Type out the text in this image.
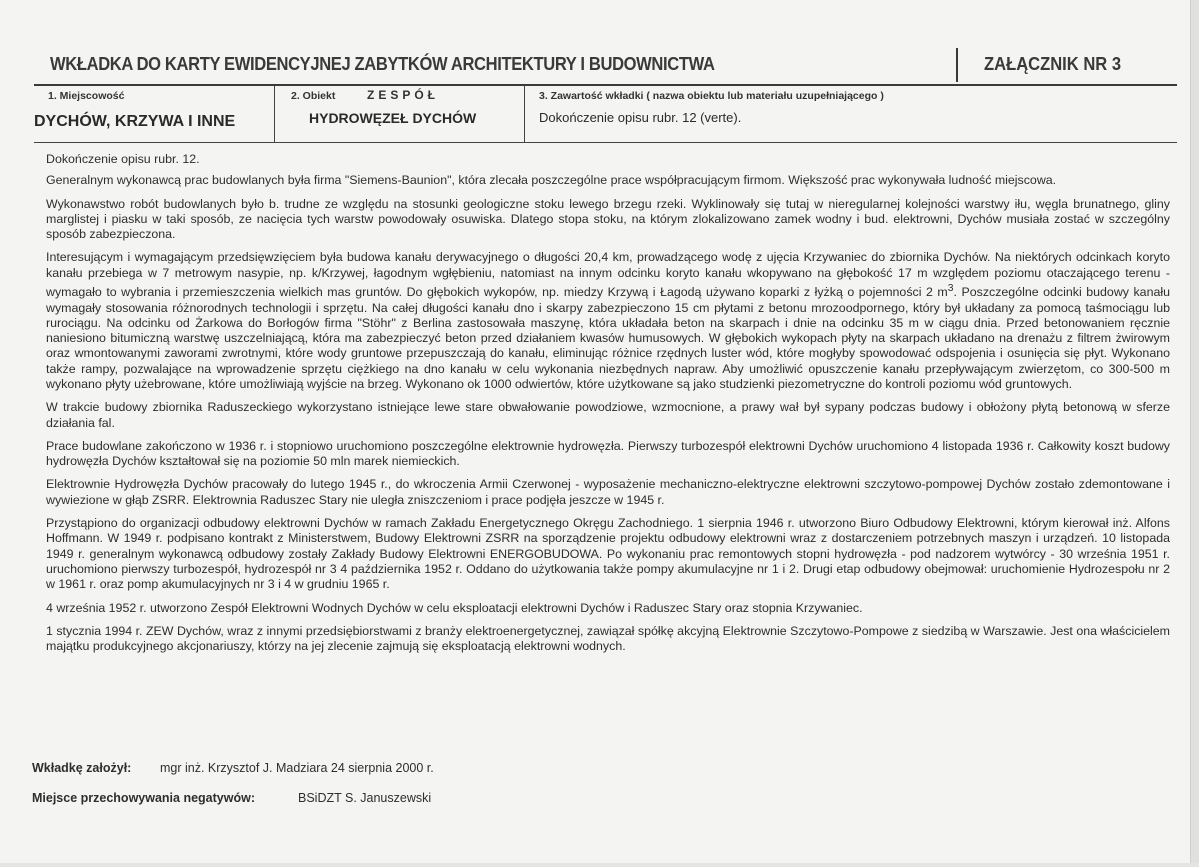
WKŁADKA DO KARTY EWIDENCYJNEJ ZABYTKÓW ARCHITEKTURY I BUDOWNICTWA	ZAŁĄCZNIK NR 3
1. Miejscowość
DYCHÓW, KRZYWA I INNE
2. Obiekt	ZESPÓŁ
HYDROWĘZEŁ DYCHÓW
3. Zawartość wkładki ( nazwa obiektu lub materiału uzupełniającego )
Dokończenie opisu rubr. 12 (verte).

Dokończenie opisu rubr. 12.

Generalnym wykonawcą prac budowlanych była firma "Siemens-Baunion", która zlecała poszczególne prace współpracującym firmom. Większość prac wykonywała ludność miejscowa.

Wykonawstwo robót budowlanych było b. trudne ze względu na stosunki geologiczne stoku lewego brzegu rzeki. Wyklinowały się tutaj w nieregularnej kolejności warstwy iłu, węgla brunatnego, gliny marglistej i piasku w taki sposób, ze nacięcia tych warstw powodowały osuwiska. Dlatego stopa stoku, na którym zlokalizowano zamek wodny i bud. elektrowni, Dychów musiała zostać w szczególny sposób zabezpieczona.

Interesującym i wymagającym przedsięwzięciem była budowa kanału derywacyjnego o długości 20,4 km, prowadzącego wodę z ujęcia Krzywaniec do zbiornika Dychów. Na niektórych odcinkach koryto kanału przebiega w 7 metrowym nasypie, np. k/Krzywej, łagodnym wgłębieniu, natomiast na innym odcinku koryto kanału wkopywano na głębokość 17 m względem poziomu otaczającego terenu - wymagało to wybrania i przemieszczenia wielkich mas gruntów. Do głębokich wykopów, np. miedzy Krzywą i Łagodą używano koparki z łyżką o pojemności 2 $m^3$. Poszczególne odcinki budowy kanału wymagały stosowania różnorodnych technologii i sprzętu. Na całej długości kanału dno i skarpy zabezpieczono 15 cm płytami z betonu mrozoodpornego, który był układany za pomocą taśmociągu lub rurociągu. Na odcinku od Żarkowa do Borłogów firma "Stöhr" z Berlina zastosowała maszynę, która układała beton na skarpach i dnie na odcinku 35 m w ciągu dnia. Przed betonowaniem ręcznie naniesiono bitumiczną warstwę uszczelniającą, która ma zabezpieczyć beton przed działaniem kwasów humusowych. W głębokich wykopach płyty na skarpach układano na drenażu z filtrem żwirowym oraz wmontowanymi zaworami zwrotnymi, które wody gruntowe przepuszczają do kanału, eliminując różnice rzędnych luster wód, które mogłyby spowodować odspojenia i osunięcia się płyt. Wykonano także rampy, pozwalające na wprowadzenie sprzętu ciężkiego na dno kanału w celu wykonania niezbędnych napraw. Aby umożliwić opuszczenie kanału przepływającym zwierzętom, co 300-500 m wykonano płyty użebrowane, które umożliwiają wyjście na brzeg. Wykonano ok 1000 odwiertów, które użytkowane są jako studzienki piezometryczne do kontroli poziomu wód gruntowych.

W trakcie budowy zbiornika Raduszeckiego wykorzystano istniejące lewe stare obwałowanie powodziowe, wzmocnione, a prawy wał był sypany podczas budowy i obłożony płytą betonową w sferze działania fal.

Prace budowlane zakończono w 1936 r. i stopniowo uruchomiono poszczególne elektrownie hydrowęzła. Pierwszy turbozespół elektrowni Dychów uruchomiono 4 listopada 1936 r. Całkowity koszt budowy hydrowęzła Dychów kształtował się na poziomie 50 mln marek niemieckich.

Elektrownie Hydrowęzła Dychów pracowały do lutego 1945 r., do wkroczenia Armii Czerwonej - wyposażenie mechaniczno-elektryczne elektrowni szczytowo-pompowej Dychów zostało zdemontowane i wywiezione w głąb ZSRR. Elektrownia Raduszec Stary nie uległa zniszczeniom i prace podjęła jeszcze w 1945 r.

Przystąpiono do organizacji odbudowy elektrowni Dychów w ramach Zakładu Energetycznego Okręgu Zachodniego. 1 sierpnia 1946 r. utworzono Biuro Odbudowy Elektrowni, którym kierował inż. Alfons Hoffmann. W 1949 r. podpisano kontrakt z Ministerstwem, Budowy Elektrowni ZSRR na sporządzenie projektu odbudowy elektrowni wraz z dostarczeniem potrzebnych maszyn i urządzeń. 10 listopada 1949 r. generalnym wykonawcą odbudowy zostały Zakłady Budowy Elektrowni ENERGOBUDOWA. Po wykonaniu prac remontowych stopni hydrowęzła - pod nadzorem wytwórcy - 30 września 1951 r. uruchomiono pierwszy turbozespół, hydrozespół nr 3 4 października 1952 r. Oddano do użytkowania także pompy akumulacyjne nr 1 i 2. Drugi etap odbudowy obejmował: uruchomienie Hydrozespołu nr 2 w 1961 r. oraz pomp akumulacyjnych nr 3 i 4 w grudniu 1965 r.

4 września 1952 r. utworzono Zespół Elektrowni Wodnych Dychów w celu eksploatacji elektrowni Dychów i Raduszec Stary oraz stopnia Krzywaniec.

1 stycznia 1994 r. ZEW Dychów, wraz z innymi przedsiębiorstwami z branży elektroenergetycznej, zawiązał spółkę akcyjną Elektrownie Szczytowo-Pompowe z siedzibą w Warszawie. Jest ona właścicielem majątku produkcyjnego akcjonariuszy, którzy na jej zlecenie zajmują się eksploatacją elektrowni wodnych.

Wkładkę założył: mgr inż. Krzysztof J. Madziara 24 sierpnia 2000 r.
Miejsce przechowywania negatywów:	BSiDZT S. Januszewski
